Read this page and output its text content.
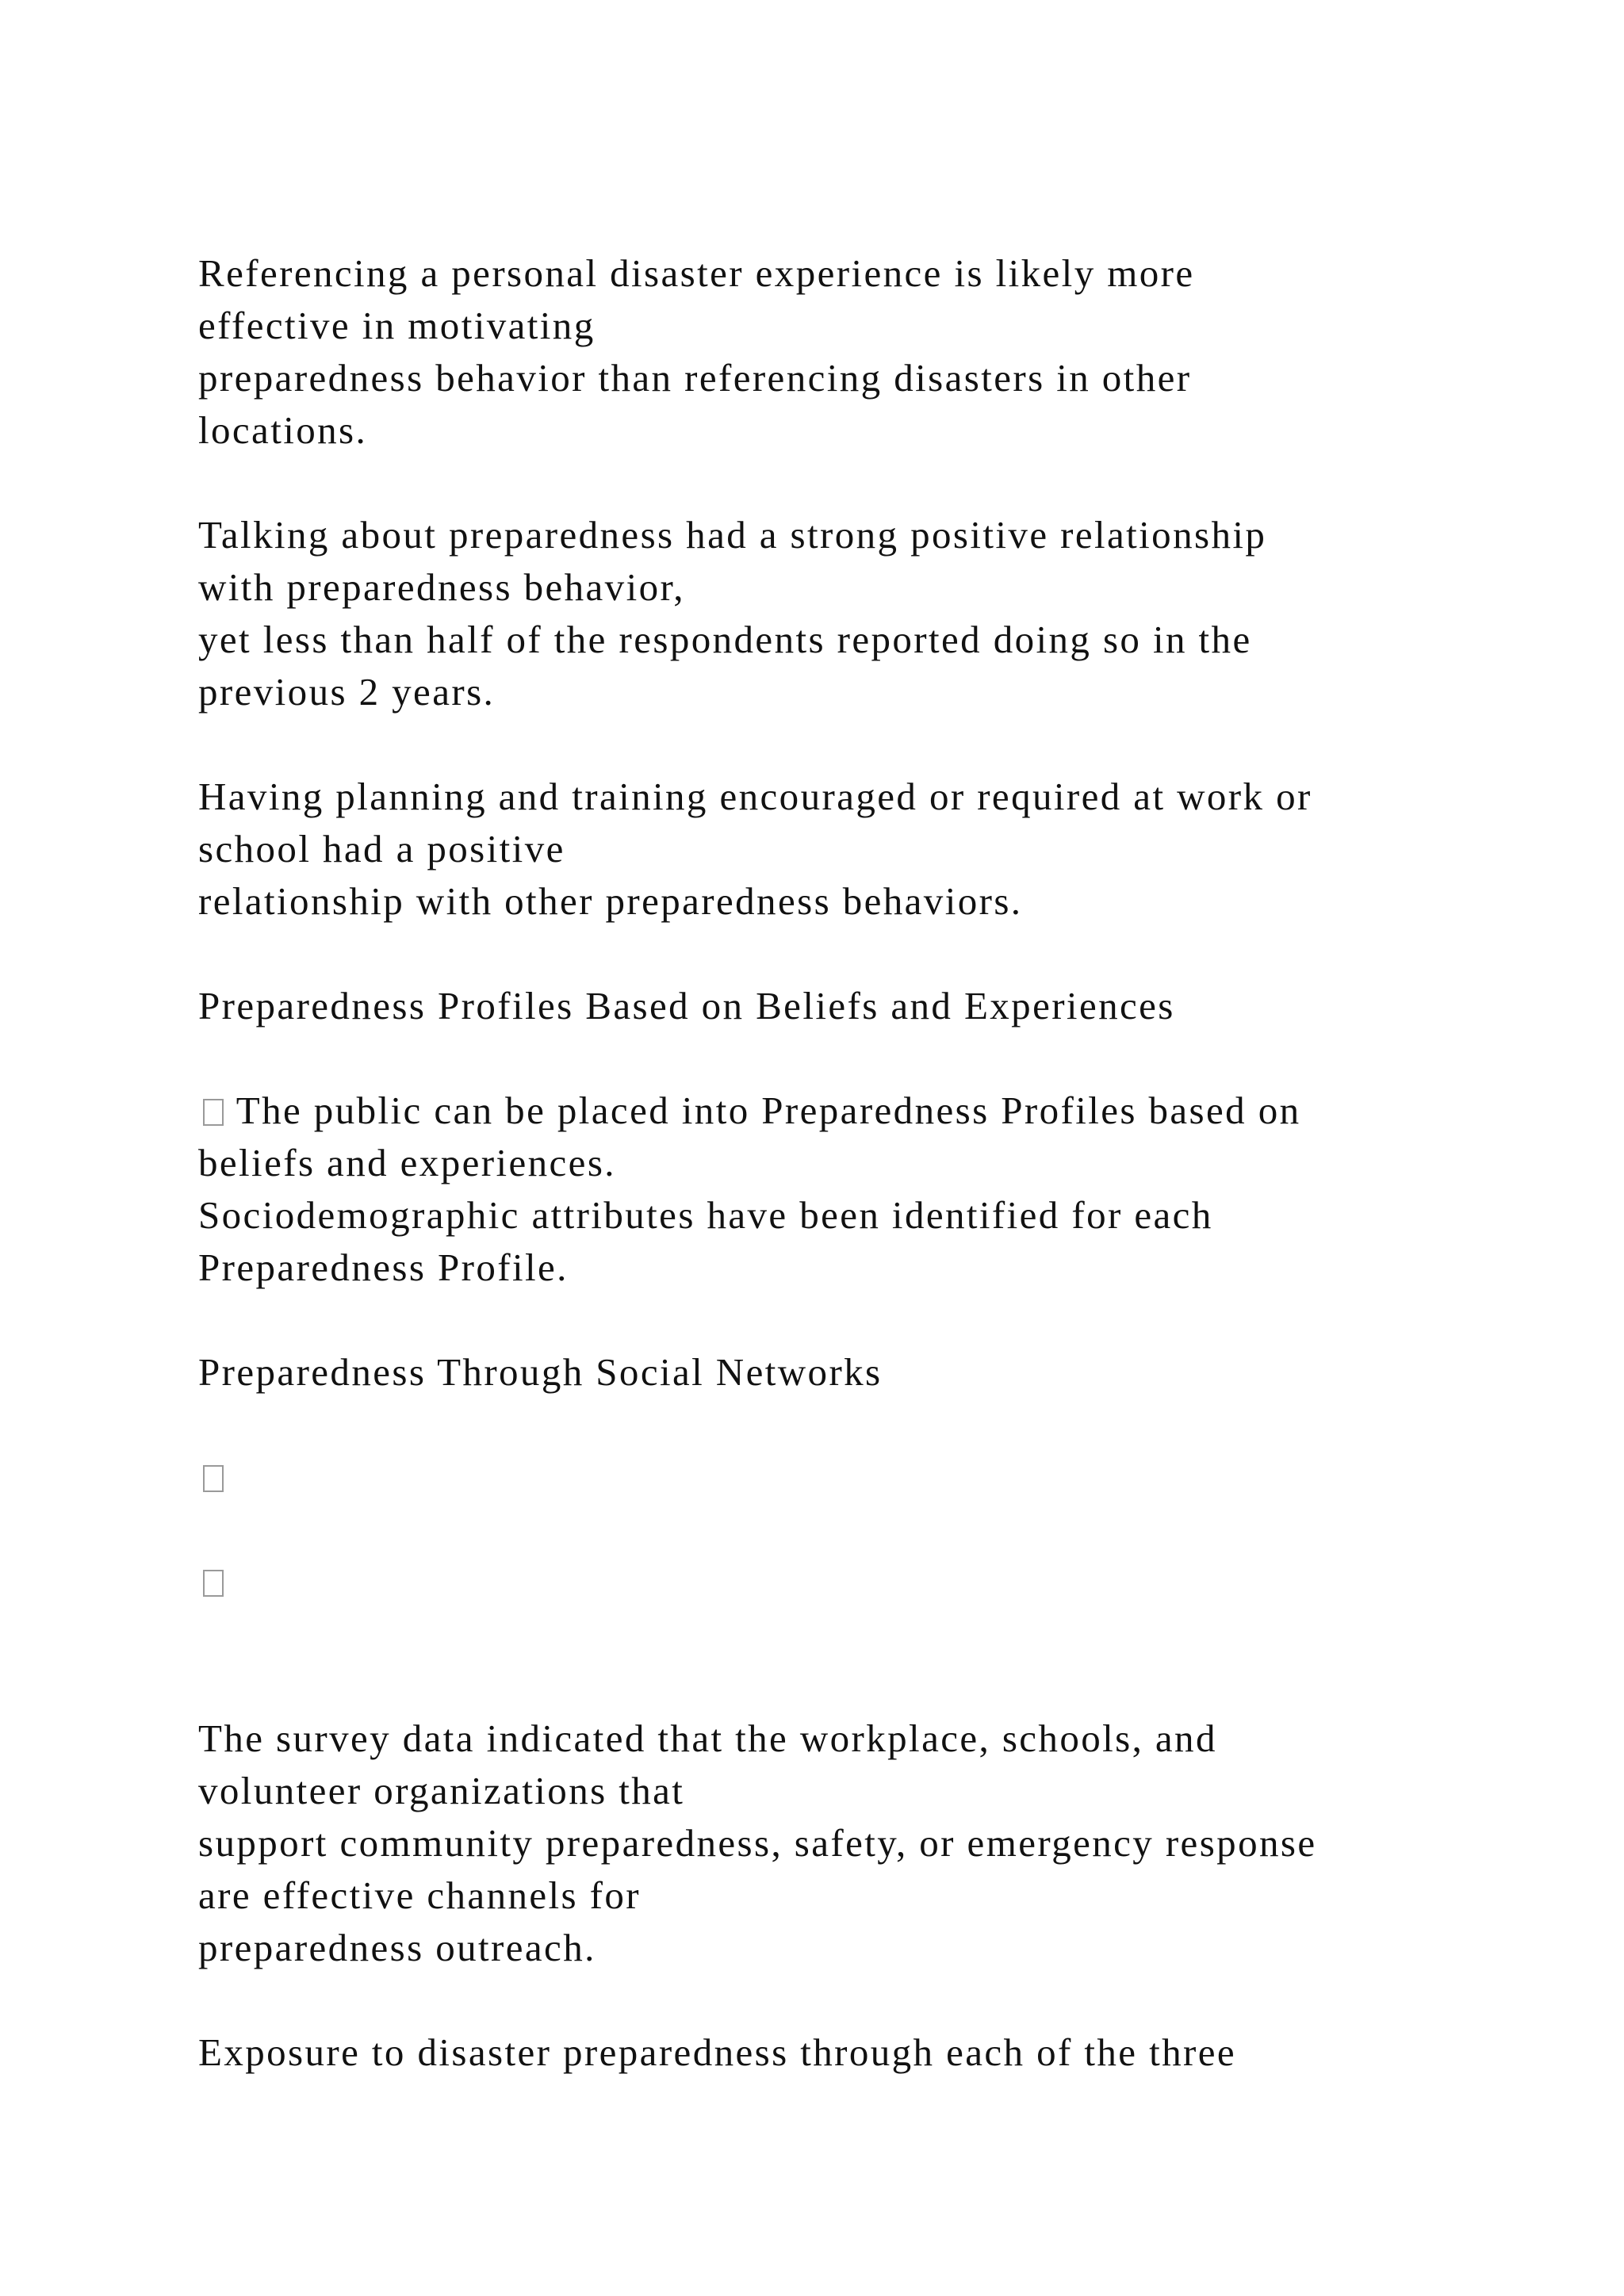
Referencing a personal disaster experience is likely more
effective in motivating
preparedness behavior than referencing disasters in other
locations.
Talking about preparedness had a strong positive relationship
with preparedness behavior,
yet less than half of the respondents reported doing so in the
previous 2 years.
Having planning and training encouraged or required at work or
school had a positive
relationship with other preparedness behaviors.
Preparedness Profiles Based on Beliefs and Experiences
The public can be placed into Preparedness Profiles based on
beliefs and experiences.
Sociodemographic attributes have been identified for each
Preparedness Profile.
Preparedness Through Social Networks
The survey data indicated that the workplace, schools, and
volunteer organizations that
support community preparedness, safety, or emergency response
are effective channels for
preparedness outreach.
Exposure to disaster preparedness through each of the three
